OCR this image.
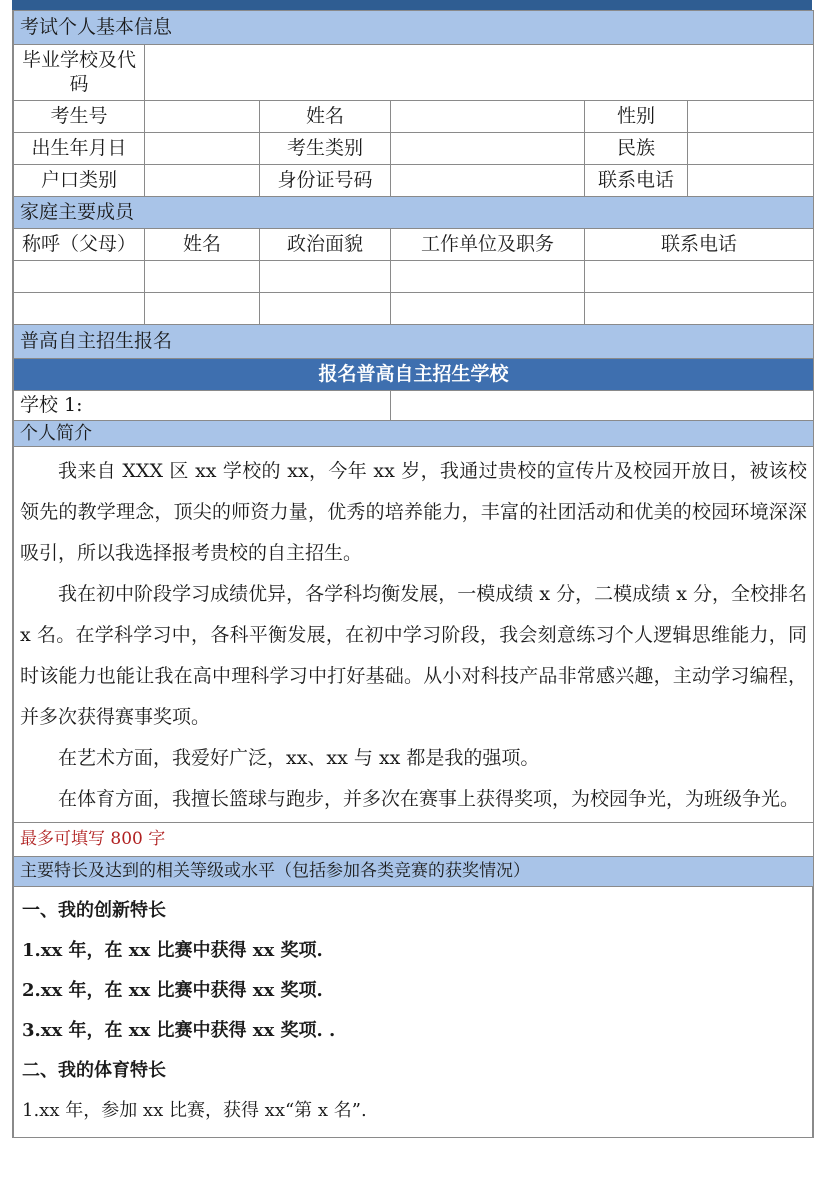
考试个人基本信息					
毕业学校及代码					
考生号		姓名		性别	
出生年月日		考生类别		民族	
户口类别		身份证号码		联系电话	
家庭主要成员					
称呼（父母）	姓名	政治面貌	工作单位及职务	联系电话	

普高自主招生报名					
报名普高自主招生学校					
学校 1:					
个人简介					

我来自 XXX 区 xx 学校的 xx，今年 xx 岁，我通过贵校的宣传片及校园开放日，被该校领先的教学理念，顶尖的师资力量，优秀的培养能力，丰富的社团活动和优美的校园环境深深吸引，所以我选择报考贵校的自主招生。

我在初中阶段学习成绩优异，各学科均衡发展，一模成绩 x 分，二模成绩 x 分，全校排名 x 名。在学科学习中，各科平衡发展，在初中学习阶段，我会刻意练习个人逻辑思维能力，同时该能力也能让我在高中理科学习中打好基础。从小对科技产品非常感兴趣，主动学习编程，并多次获得赛事奖项。

在艺术方面，我爱好广泛，xx、xx 与 xx 都是我的强项。

在体育方面，我擅长篮球与跑步，并多次在赛事上获得奖项，为校园争光，为班级争光。					

最多可填写 800 字					
主要特长及达到的相关等级或水平（包括参加各类竞赛的获奖情况）					
一、我的创新特长
1.xx 年，在 xx 比赛中获得 xx 奖项.
2.xx 年，在 xx 比赛中获得 xx 奖项.
3.xx 年，在 xx 比赛中获得 xx 奖项. .
二、我的体育特长
1.xx 年，参加 xx 比赛，获得 xx“第 x 名”.
